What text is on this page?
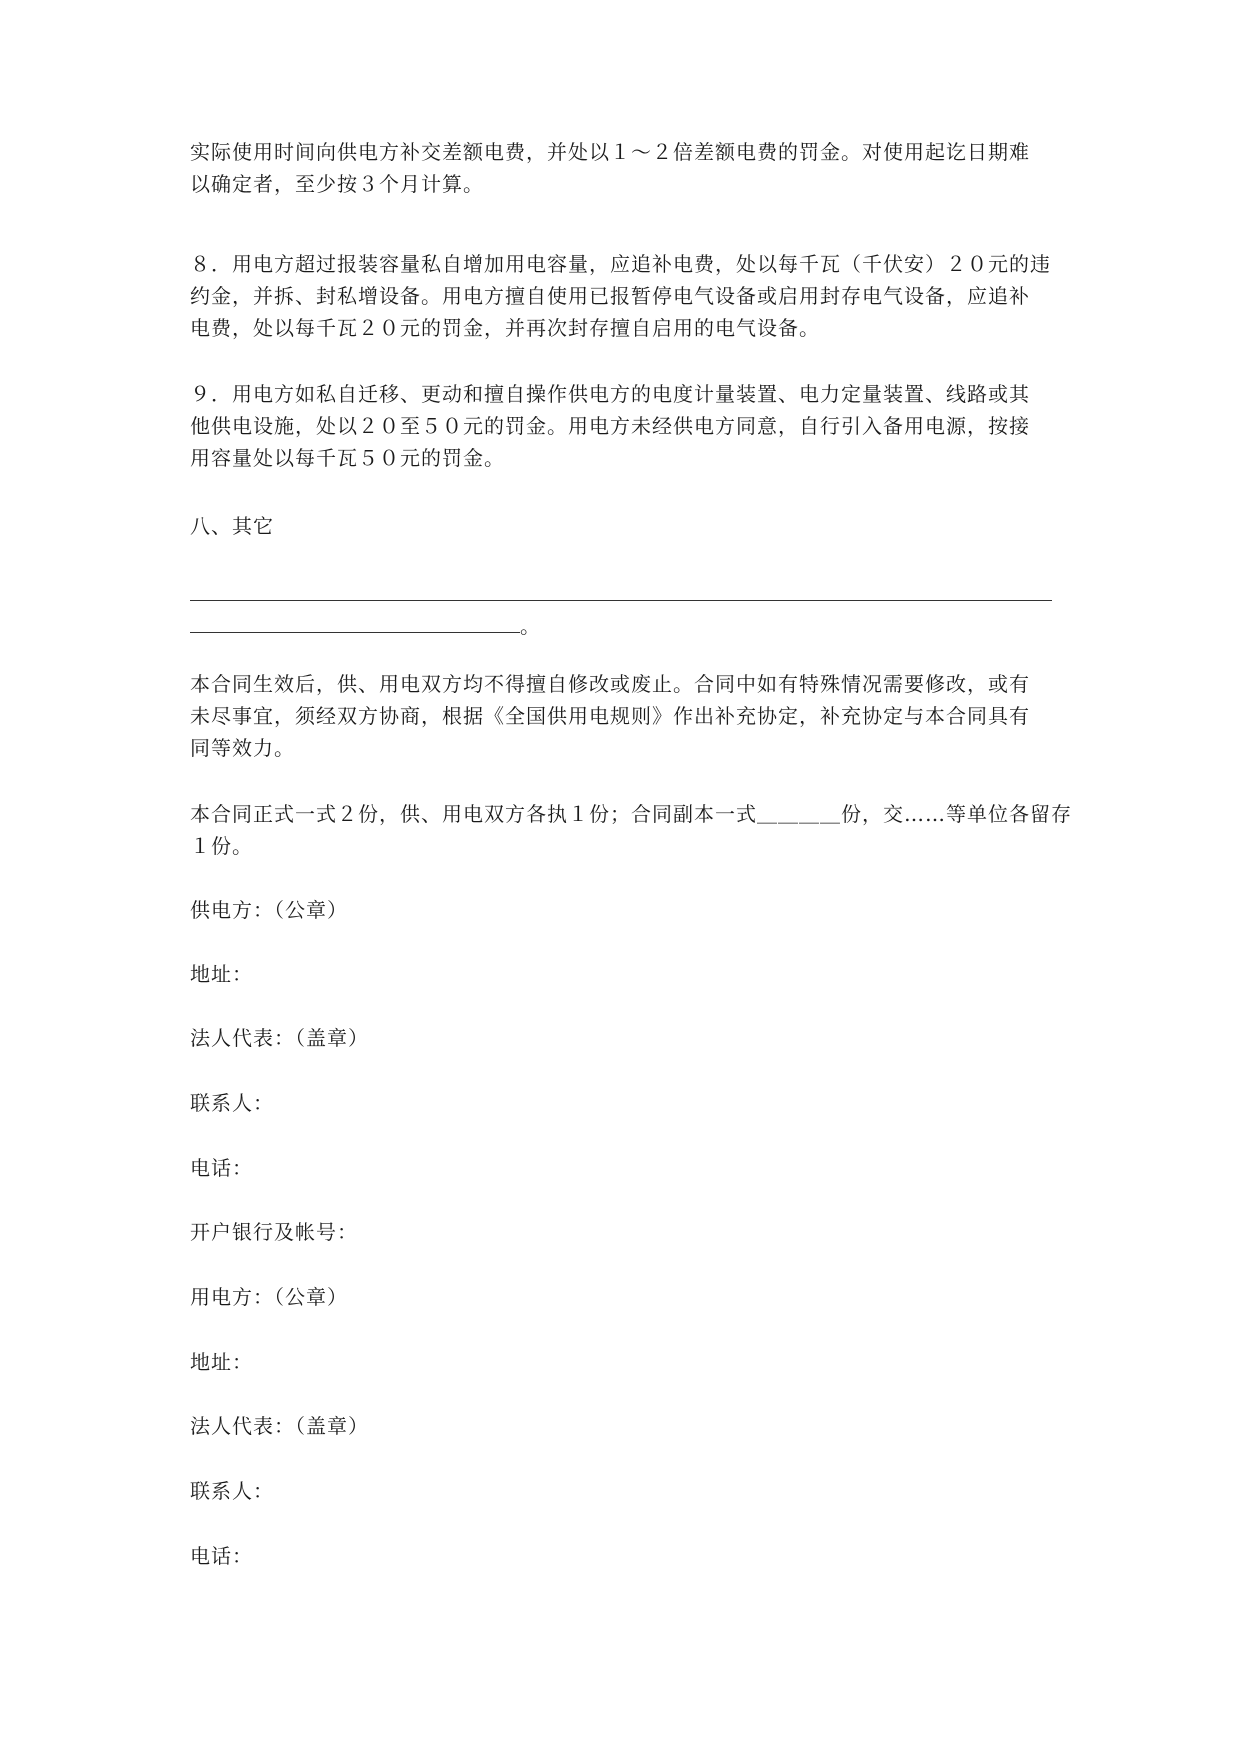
实际使用时间向供电方补交差额电费，并处以１～２倍差额电费的罚金。对使用起讫日期难
以确定者，至少按３个月计算。

８．用电方超过报装容量私自增加用电容量，应追补电费，处以每千瓦（千伏安）２０元的违
约金，并拆、封私增设备。用电方擅自使用已报暂停电气设备或启用封存电气设备，应追补
电费，处以每千瓦２０元的罚金，并再次封存擅自启用的电气设备。

９．用电方如私自迁移、更动和擅自操作供电方的电度计量装置、电力定量装置、线路或其
他供电设施，处以２０至５０元的罚金。用电方未经供电方同意，自行引入备用电源，按接
用容量处以每千瓦５０元的罚金。

八、其它

。

本合同生效后，供、用电双方均不得擅自修改或废止。合同中如有特殊情况需要修改，或有
未尽事宜，须经双方协商，根据《全国供用电规则》作出补充协定，补充协定与本合同具有
同等效力。

本合同正式一式２份，供、用电双方各执１份；合同副本一式＿＿＿＿份，交……等单位各留存
１份。

供电方：（公章）

地址：

法人代表：（盖章）

联系人：

电话：

开户银行及帐号：

用电方：（公章）

地址：

法人代表：（盖章）

联系人：

电话：
